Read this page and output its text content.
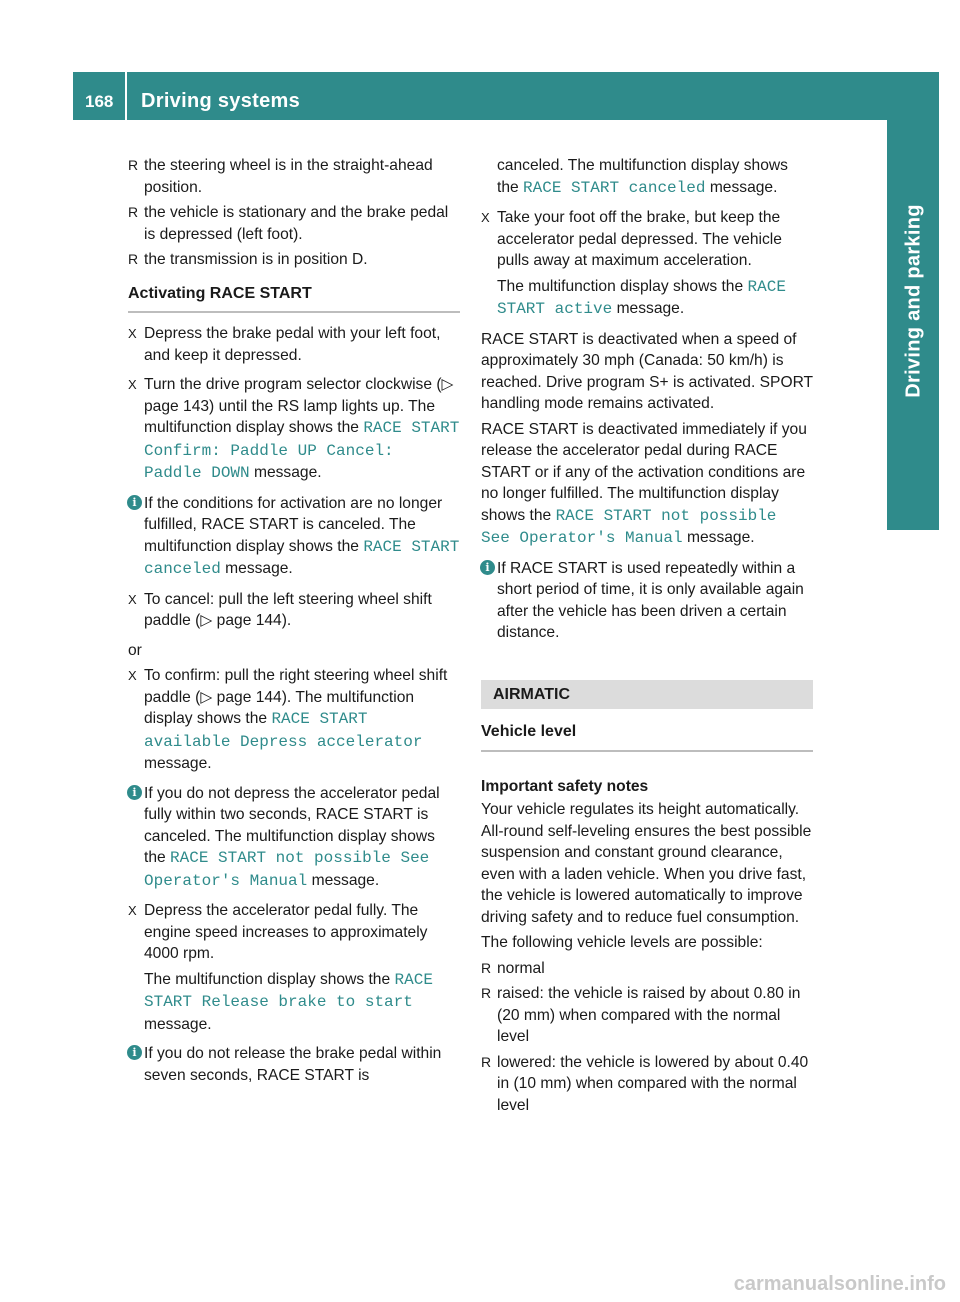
168 Driving systems
Driving and parking
R the steering wheel is in the straight-ahead position.
R the vehicle is stationary and the brake pedal is depressed (left foot).
R the transmission is in position D.
Activating RACE START
X Depress the brake pedal with your left foot, and keep it depressed.

X Turn the drive program selector clockwise (▷ page 143) until the RS lamp lights up. The multifunction display shows the RACE START Confirm: Paddle UP Cancel: Paddle DOWN message.

i If the conditions for activation are no longer fulfilled, RACE START is canceled. The multifunction display shows the RACE START canceled message.
X To cancel: pull the left steering wheel shift paddle (▷ page 144).

or
X To confirm: pull the right steering wheel shift paddle (▷ page 144). The multifunction display shows the RACE START available Depress accelerator message.

i If you do not depress the accelerator pedal fully within two seconds, RACE START is canceled. The multifunction display shows the RACE START not possible See Operator's Manual message.
X Depress the accelerator pedal fully. The engine speed increases to approximately 4000 rpm.

The multifunction display shows the RACE START Release brake to start message.

i If you do not release the brake pedal within seven seconds, RACE START is
canceled. The multifunction display shows the RACE START canceled message.
X Take your foot off the brake, but keep the accelerator pedal depressed. The vehicle pulls away at maximum acceleration.

The multifunction display shows the RACE START active message.

RACE START is deactivated when a speed of approximately 30 mph (Canada: 50 km/h) is reached. Drive program S+ is activated. SPORT handling mode remains activated.
RACE START is deactivated immediately if you release the accelerator pedal during RACE START or if any of the activation conditions are no longer fulfilled. The multifunction display shows the RACE START not possible See Operator's Manual message.
i If RACE START is used repeatedly within a short period of time, it is only available again after the vehicle has been driven a certain distance.
AIRMATIC
Vehicle level
Important safety notes
Your vehicle regulates its height automatically. All-round self-leveling ensures the best possible suspension and constant ground clearance, even with a laden vehicle. When you drive fast, the vehicle is lowered automatically to improve driving safety and to reduce fuel consumption.
The following vehicle levels are possible:
R normal
R raised: the vehicle is raised by about 0.80 in (20 mm) when compared with the normal level
R lowered: the vehicle is lowered by about 0.40 in (10 mm) when compared with the normal level
carmanualsonline.info
